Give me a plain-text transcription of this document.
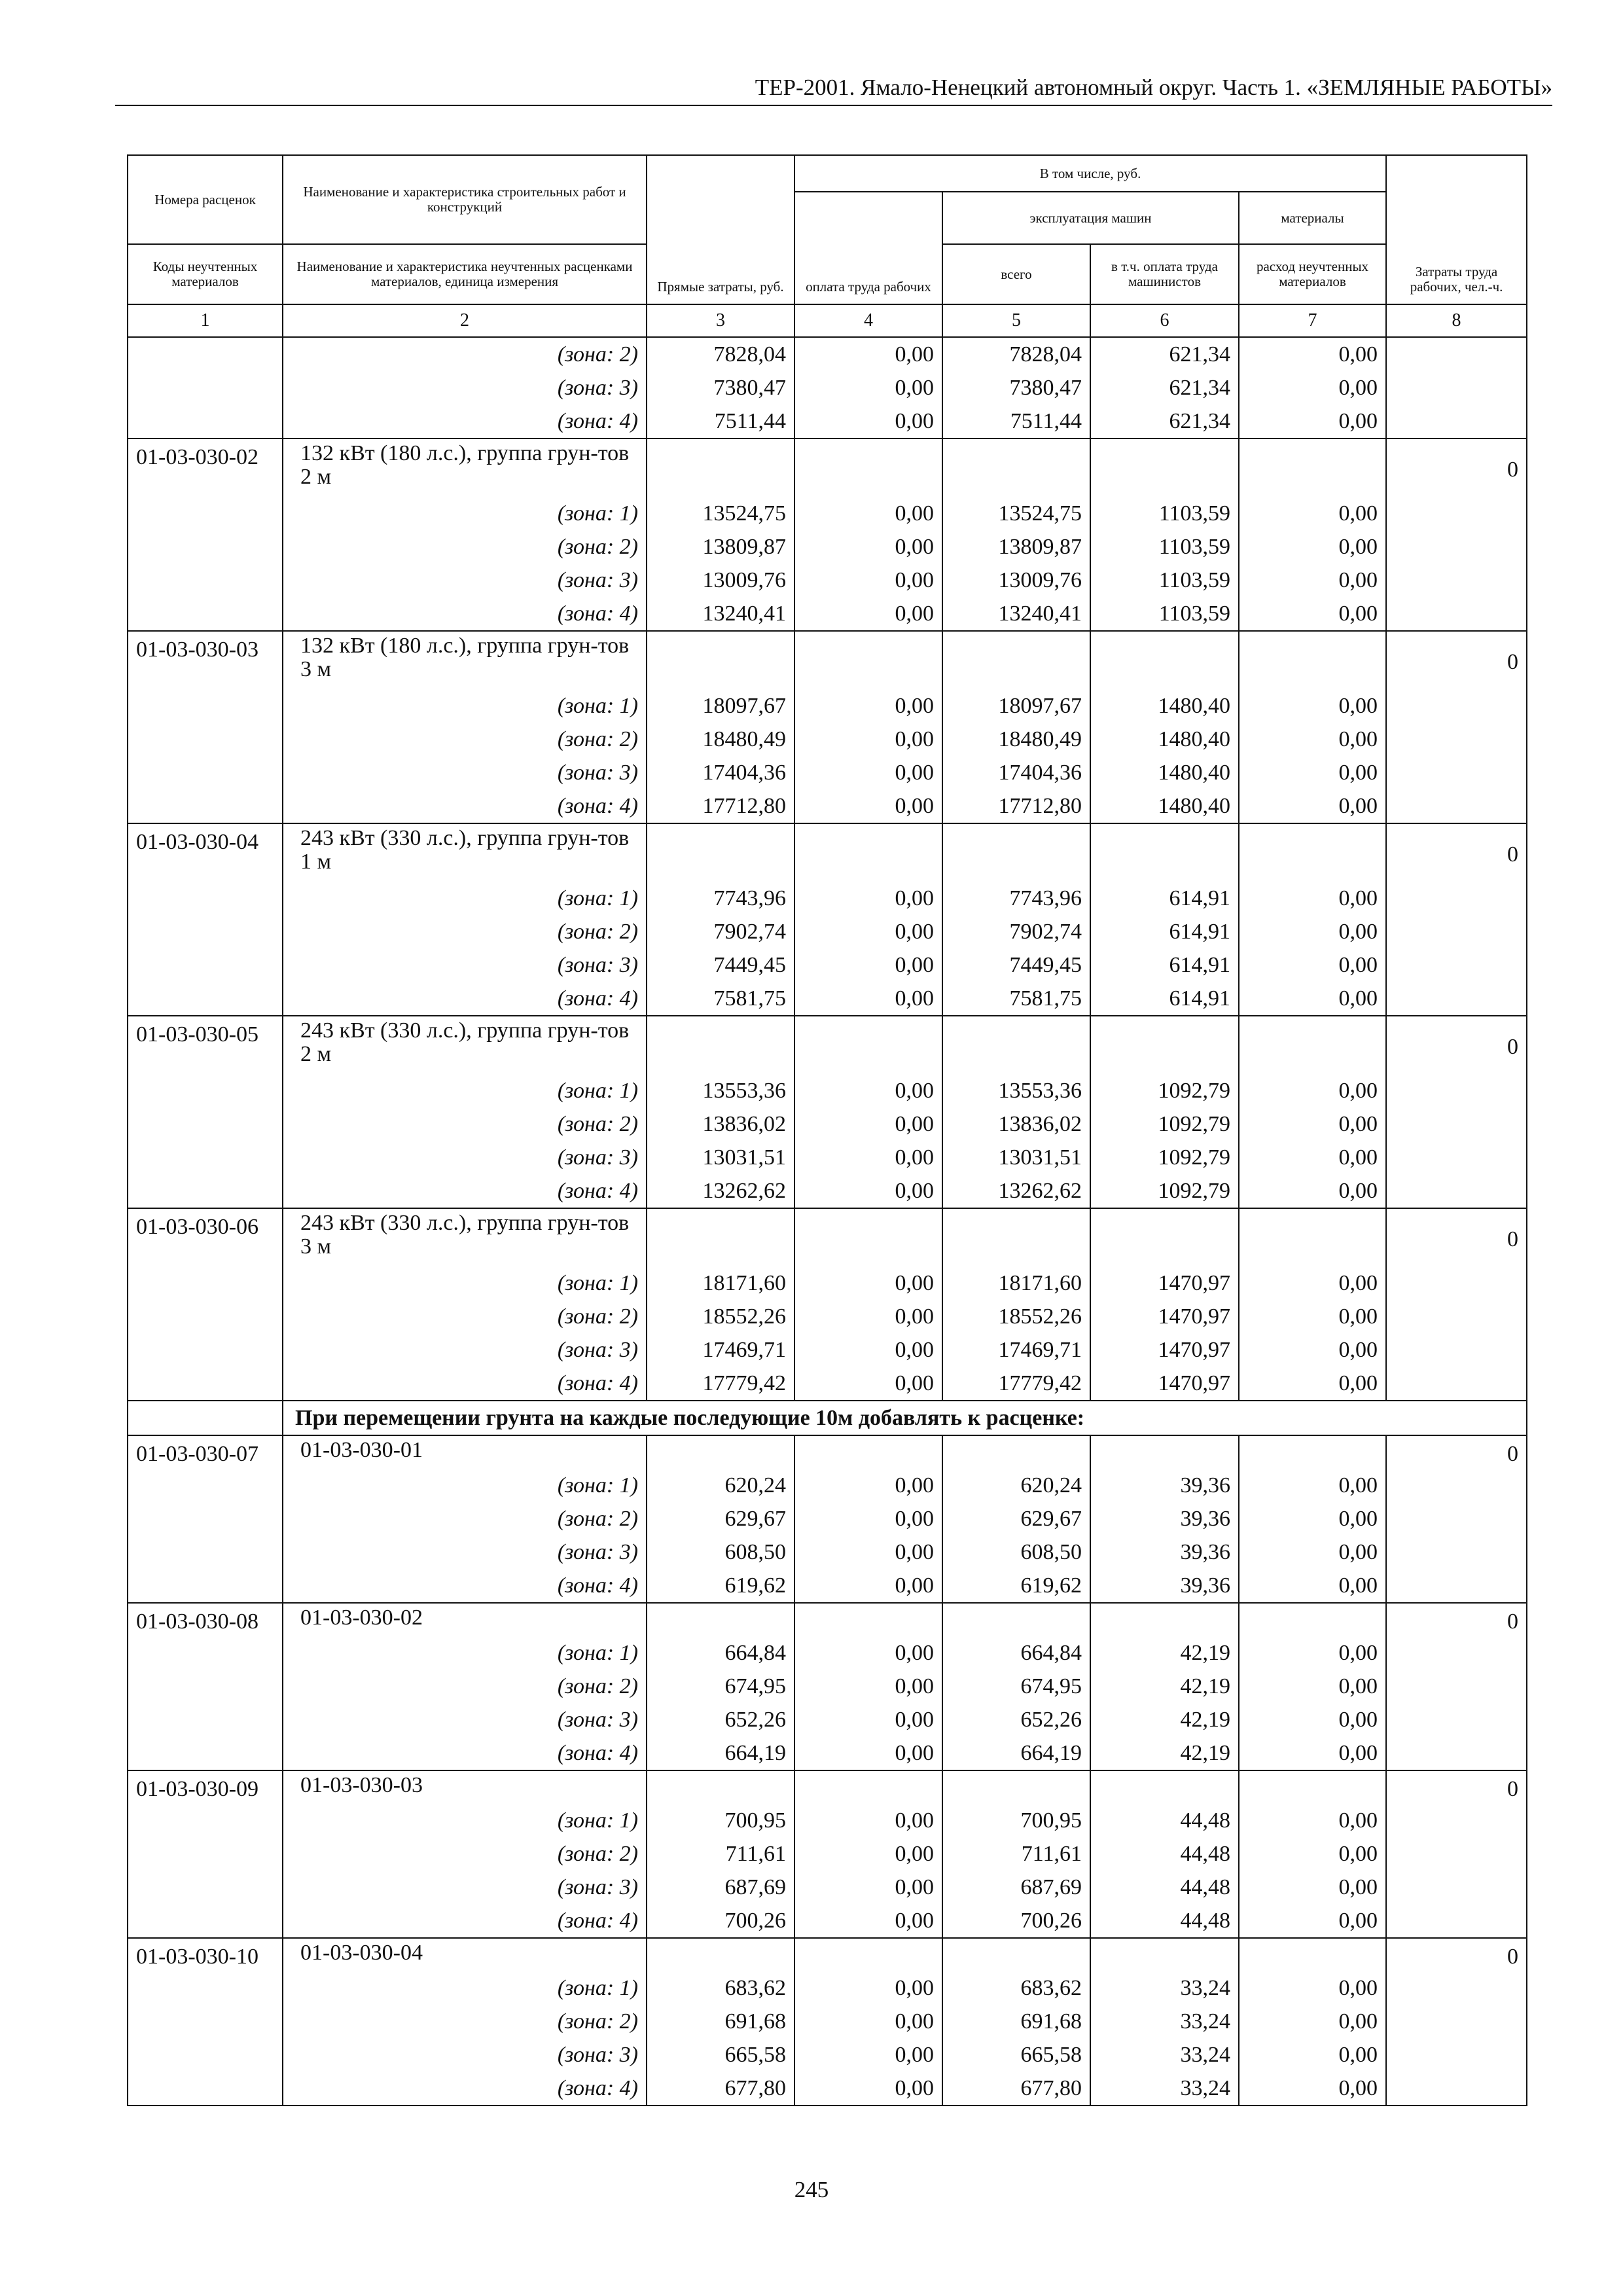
ТЕР-2001. Ямало-Ненецкий автономный округ. Часть 1. «ЗЕМЛЯНЫЕ РАБОТЫ»
Номера расценок	Наименование и характеристика строительных работ и конструкций	Прямые затраты, руб.	В том числе, руб.				Затраты труда рабочих, чел.-ч.
			оплата труда рабочих	эксплуатация машин		материалы	
Коды неучтенных материалов	Наименование и характеристика неучтенных расценками материалов, единица измерения			всего	в т.ч. оплата труда машинистов	расход неучтенных материалов	
1	2	3	4	5	6	7	8
	(зона: 2)	7828,04	0,00	7828,04	621,34	0,00	
	(зона: 3)	7380,47	0,00	7380,47	621,34	0,00	
	(зона: 4)	7511,44	0,00	7511,44	621,34	0,00	
01-03-030-02	132 кВт (180 л.с.), группа грун-тов 2 м						0
	(зона: 1)	13524,75	0,00	13524,75	1103,59	0,00	
	(зона: 2)	13809,87	0,00	13809,87	1103,59	0,00	
	(зона: 3)	13009,76	0,00	13009,76	1103,59	0,00	
	(зона: 4)	13240,41	0,00	13240,41	1103,59	0,00	
01-03-030-03	132 кВт (180 л.с.), группа грун-тов 3 м						0
	(зона: 1)	18097,67	0,00	18097,67	1480,40	0,00	
	(зона: 2)	18480,49	0,00	18480,49	1480,40	0,00	
	(зона: 3)	17404,36	0,00	17404,36	1480,40	0,00	
	(зона: 4)	17712,80	0,00	17712,80	1480,40	0,00	
01-03-030-04	243 кВт (330 л.с.), группа грун-тов 1 м						0
	(зона: 1)	7743,96	0,00	7743,96	614,91	0,00	
	(зона: 2)	7902,74	0,00	7902,74	614,91	0,00	
	(зона: 3)	7449,45	0,00	7449,45	614,91	0,00	
	(зона: 4)	7581,75	0,00	7581,75	614,91	0,00	
01-03-030-05	243 кВт (330 л.с.), группа грун-тов 2 м						0
	(зона: 1)	13553,36	0,00	13553,36	1092,79	0,00	
	(зона: 2)	13836,02	0,00	13836,02	1092,79	0,00	
	(зона: 3)	13031,51	0,00	13031,51	1092,79	0,00	
	(зона: 4)	13262,62	0,00	13262,62	1092,79	0,00	
01-03-030-06	243 кВт (330 л.с.), группа грун-тов 3 м						0
	(зона: 1)	18171,60	0,00	18171,60	1470,97	0,00	
	(зона: 2)	18552,26	0,00	18552,26	1470,97	0,00	
	(зона: 3)	17469,71	0,00	17469,71	1470,97	0,00	
	(зона: 4)	17779,42	0,00	17779,42	1470,97	0,00	
	При перемещении грунта на каждые последующие 10м добавлять к расценке:						
01-03-030-07	01-03-030-01						0
	(зона: 1)	620,24	0,00	620,24	39,36	0,00	
	(зона: 2)	629,67	0,00	629,67	39,36	0,00	
	(зона: 3)	608,50	0,00	608,50	39,36	0,00	
	(зона: 4)	619,62	0,00	619,62	39,36	0,00	
01-03-030-08	01-03-030-02						0
	(зона: 1)	664,84	0,00	664,84	42,19	0,00	
	(зона: 2)	674,95	0,00	674,95	42,19	0,00	
	(зона: 3)	652,26	0,00	652,26	42,19	0,00	
	(зона: 4)	664,19	0,00	664,19	42,19	0,00	
01-03-030-09	01-03-030-03						0
	(зона: 1)	700,95	0,00	700,95	44,48	0,00	
	(зона: 2)	711,61	0,00	711,61	44,48	0,00	
	(зона: 3)	687,69	0,00	687,69	44,48	0,00	
	(зона: 4)	700,26	0,00	700,26	44,48	0,00	
01-03-030-10	01-03-030-04						0
	(зона: 1)	683,62	0,00	683,62	33,24	0,00	
	(зона: 2)	691,68	0,00	691,68	33,24	0,00	
	(зона: 3)	665,58	0,00	665,58	33,24	0,00	
	(зона: 4)	677,80	0,00	677,80	33,24	0,00	
245
